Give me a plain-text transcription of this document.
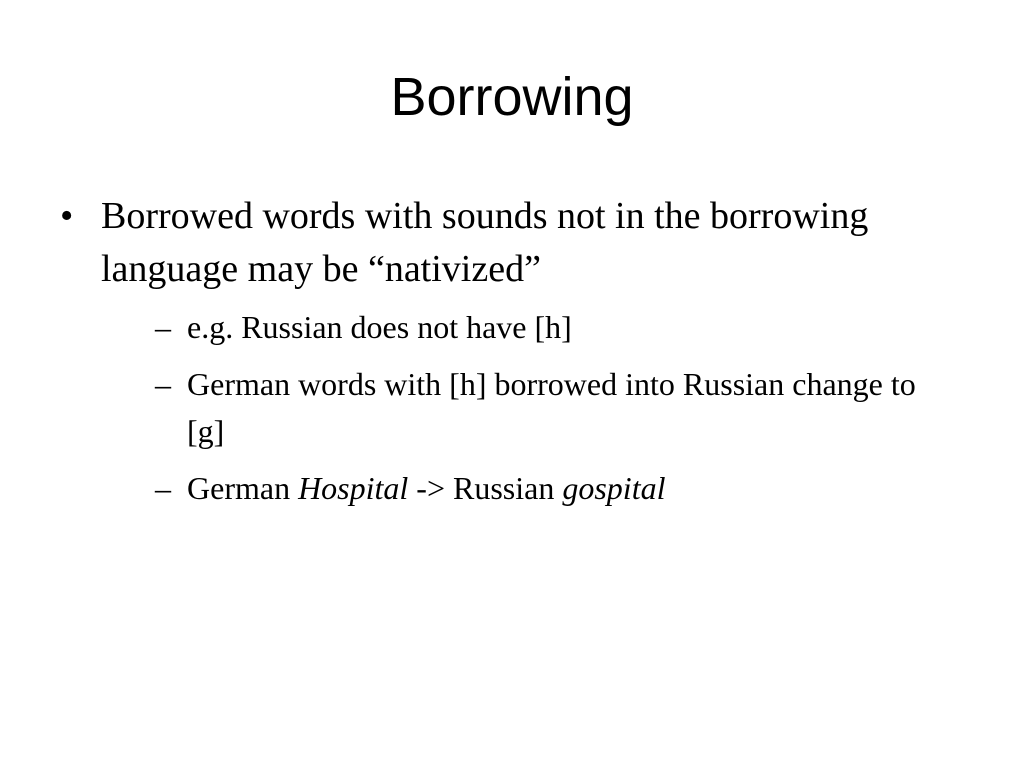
Borrowing
• Borrowed words with sounds not in the borrowing language may be “nativized”
– e.g. Russian does not have [h]
– German words with [h] borrowed into Russian change to [g]
– German Hospital -> Russian gospital
